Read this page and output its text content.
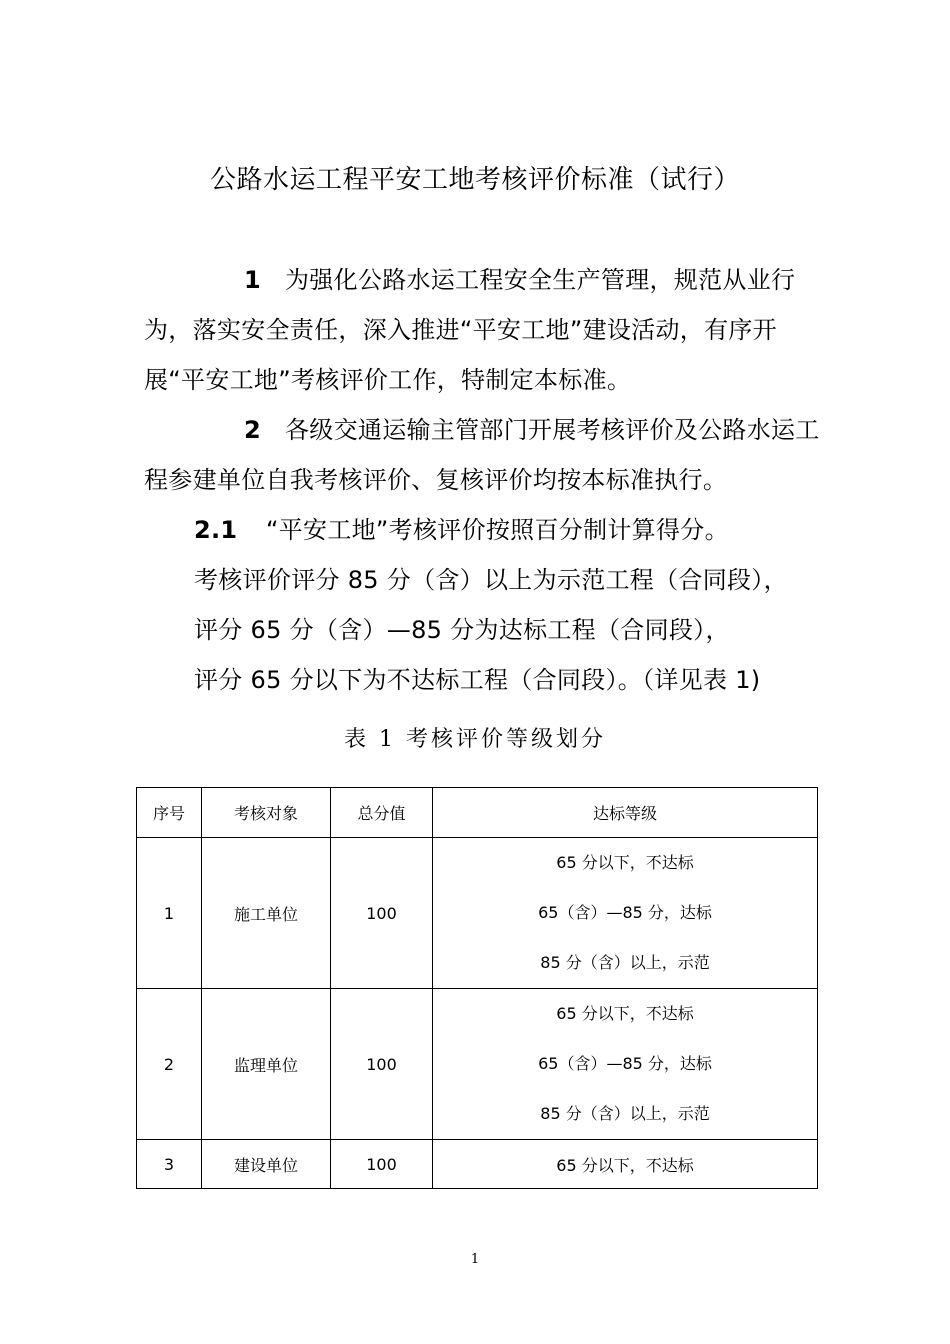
公路水运工程平安工地考核评价标准（试行）
1 为强化公路水运工程安全生产管理，规范从业行为，落实安全责任，深入推进“平安工地”建设活动，有序开展“平安工地”考核评价工作，特制定本标准。
2 各级交通运输主管部门开展考核评价及公路水运工程参建单位自我考核评价、复核评价均按本标准执行。
2.1 “平安工地”考核评价按照百分制计算得分。
考核评价评分 85 分（含）以上为示范工程（合同段），
评分 65 分（含）—85 分为达标工程（合同段），
评分 65 分以下为不达标工程（合同段）。（详见表 1)
表 1 考核评价等级划分
序号	考核对象	总分值	达标等级
1	施工单位	100	65 分以下，不达标
65（含）—85 分，达标
85 分（含）以上，示范

2	监理单位	100	65 分以下，不达标
65（含）—85 分，达标
85 分（含）以上，示范

3	建设单位	100	65 分以下，不达标
1
